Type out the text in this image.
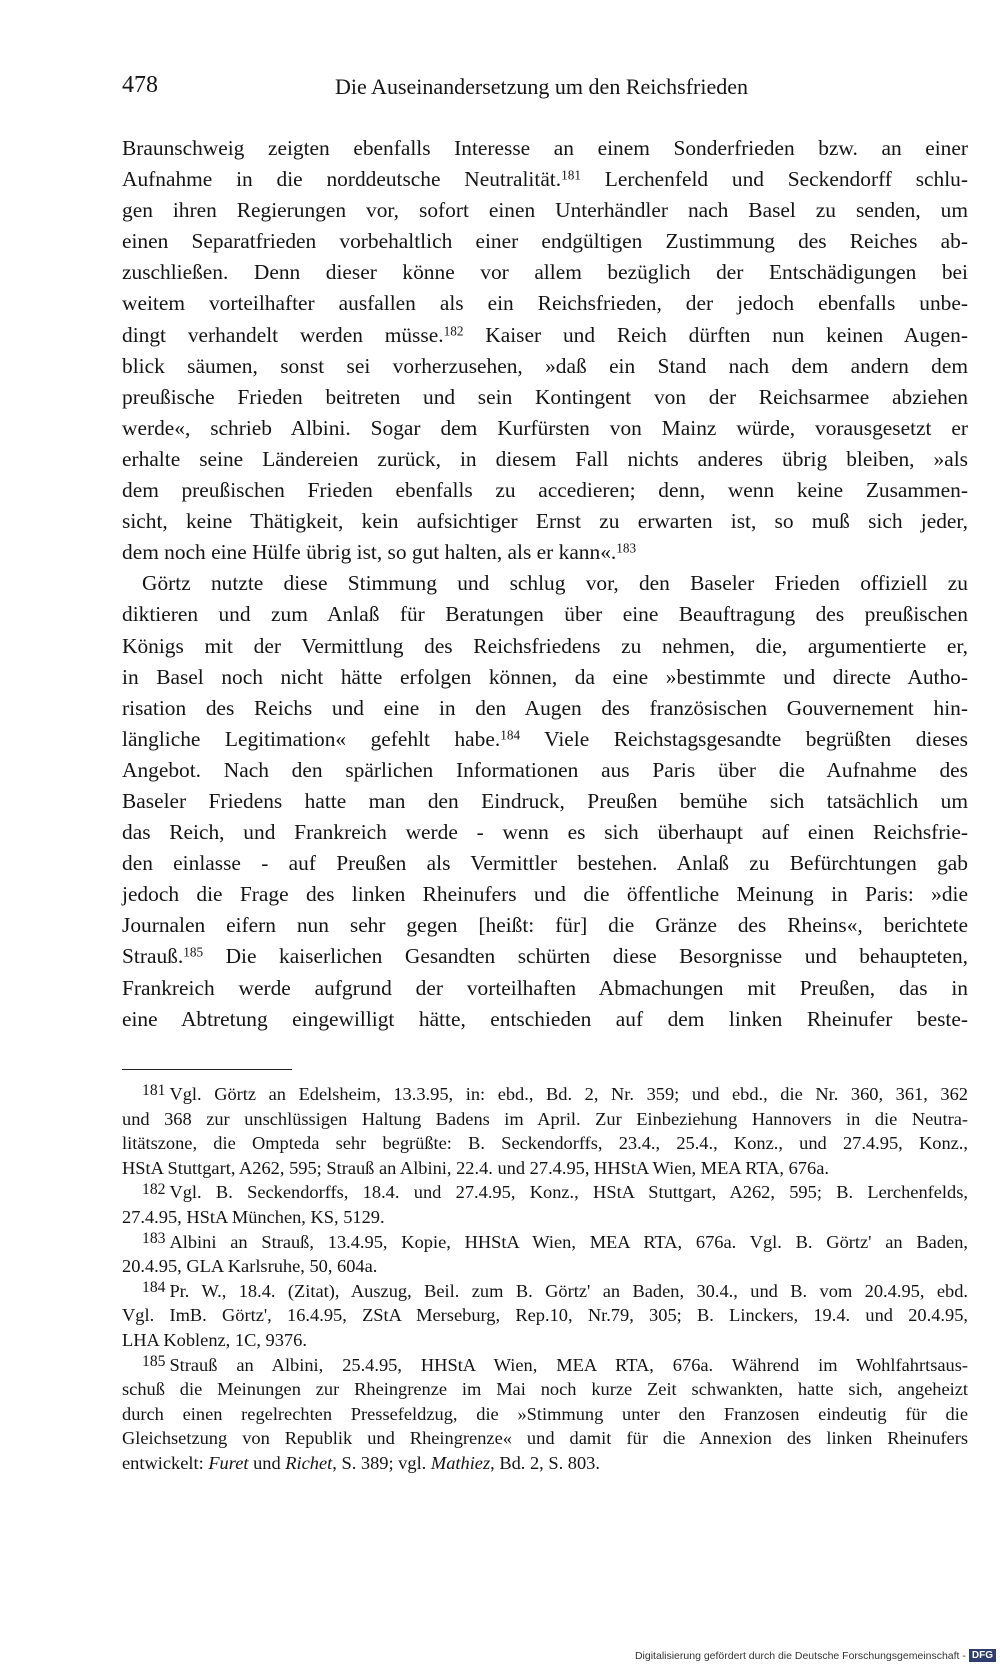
478	Die Auseinandersetzung um den Reichsfrieden
Braunschweig zeigten ebenfalls Interesse an einem Sonderfrieden bzw. an einer
Aufnahme in die norddeutsche Neutralität.$^{181}$ Lerchenfeld und Seckendorff schlu-
gen ihren Regierungen vor, sofort einen Unterhändler nach Basel zu senden, um
einen Separatfrieden vorbehaltlich einer endgültigen Zustimmung des Reiches ab-
zuschließen. Denn dieser könne vor allem bezüglich der Entschädigungen bei
weitem vorteilhafter ausfallen als ein Reichsfrieden, der jedoch ebenfalls unbe-
dingt verhandelt werden müsse.$^{182}$ Kaiser und Reich dürften nun keinen Augen-
blick säumen, sonst sei vorherzusehen, »daß ein Stand nach dem andern dem
preußische Frieden beitreten und sein Kontingent von der Reichsarmee abziehen
werde«, schrieb Albini. Sogar dem Kurfürsten von Mainz würde, vorausgesetzt er
erhalte seine Ländereien zurück, in diesem Fall nichts anderes übrig bleiben, »als
dem preußischen Frieden ebenfalls zu accedieren; denn, wenn keine Zusammen-
sicht, keine Thätigkeit, kein aufsichtiger Ernst zu erwarten ist, so muß sich jeder,
dem noch eine Hülfe übrig ist, so gut halten, als er kann«.$^{183}$
Görtz nutzte diese Stimmung und schlug vor, den Baseler Frieden offiziell zu
diktieren und zum Anlaß für Beratungen über eine Beauftragung des preußischen
Königs mit der Vermittlung des Reichsfriedens zu nehmen, die, argumentierte er,
in Basel noch nicht hätte erfolgen können, da eine »bestimmte und directe Autho-
risation des Reichs und eine in den Augen des französischen Gouvernement hin-
längliche Legitimation« gefehlt habe.$^{184}$ Viele Reichstagsgesandte begrüßten dieses
Angebot. Nach den spärlichen Informationen aus Paris über die Aufnahme des
Baseler Friedens hatte man den Eindruck, Preußen bemühe sich tatsächlich um
das Reich, und Frankreich werde - wenn es sich überhaupt auf einen Reichsfrie-
den einlasse - auf Preußen als Vermittler bestehen. Anlaß zu Befürchtungen gab
jedoch die Frage des linken Rheinufers und die öffentliche Meinung in Paris: »die
Journalen eifern nun sehr gegen [heißt: für] die Gränze des Rheins«, berichtete
Strauß.$^{185}$ Die kaiserlichen Gesandten schürten diese Besorgnisse und behaupteten,
Frankreich werde aufgrund der vorteilhaften Abmachungen mit Preußen, das in
eine Abtretung eingewilligt hätte, entschieden auf dem linken Rheinufer beste-
181 Vgl. Görtz an Edelsheim, 13.3.95, in: ebd., Bd. 2, Nr. 359; und ebd., die Nr. 360, 361, 362
und 368 zur unschlüssigen Haltung Badens im April. Zur Einbeziehung Hannovers in die Neutra-
litätszone, die Ompteda sehr begrüßte: B. Seckendorffs, 23.4., 25.4., Konz., und 27.4.95, Konz.,
HStA Stuttgart, A262, 595; Strauß an Albini, 22.4. und 27.4.95, HHStA Wien, MEA RTA, 676a.
182 Vgl. B. Seckendorffs, 18.4. und 27.4.95, Konz., HStA Stuttgart, A262, 595; B. Lerchenfelds,
27.4.95, HStA München, KS, 5129.
183 Albini an Strauß, 13.4.95, Kopie, HHStA Wien, MEA RTA, 676a. Vgl. B. Görtz' an Baden,
20.4.95, GLA Karlsruhe, 50, 604a.
184 Pr. W., 18.4. (Zitat), Auszug, Beil. zum B. Görtz' an Baden, 30.4., und B. vom 20.4.95, ebd.
Vgl. ImB. Görtz', 16.4.95, ZStA Merseburg, Rep.10, Nr.79, 305; B. Linckers, 19.4. und 20.4.95,
LHA Koblenz, 1C, 9376.
185 Strauß an Albini, 25.4.95, HHStA Wien, MEA RTA, 676a. Während im Wohlfahrtsaus-
schuß die Meinungen zur Rheingrenze im Mai noch kurze Zeit schwankten, hatte sich, angeheizt
durch einen regelrechten Pressefeldzug, die »Stimmung unter den Franzosen eindeutig für die
Gleichsetzung von Republik und Rheingrenze« und damit für die Annexion des linken Rheinufers
entwickelt: Furet und Richet, S. 389; vgl. Mathiez, Bd. 2, S. 803.
Digitalisierung gefördert durch die Deutsche Forschungsgemeinschaft - DFG
